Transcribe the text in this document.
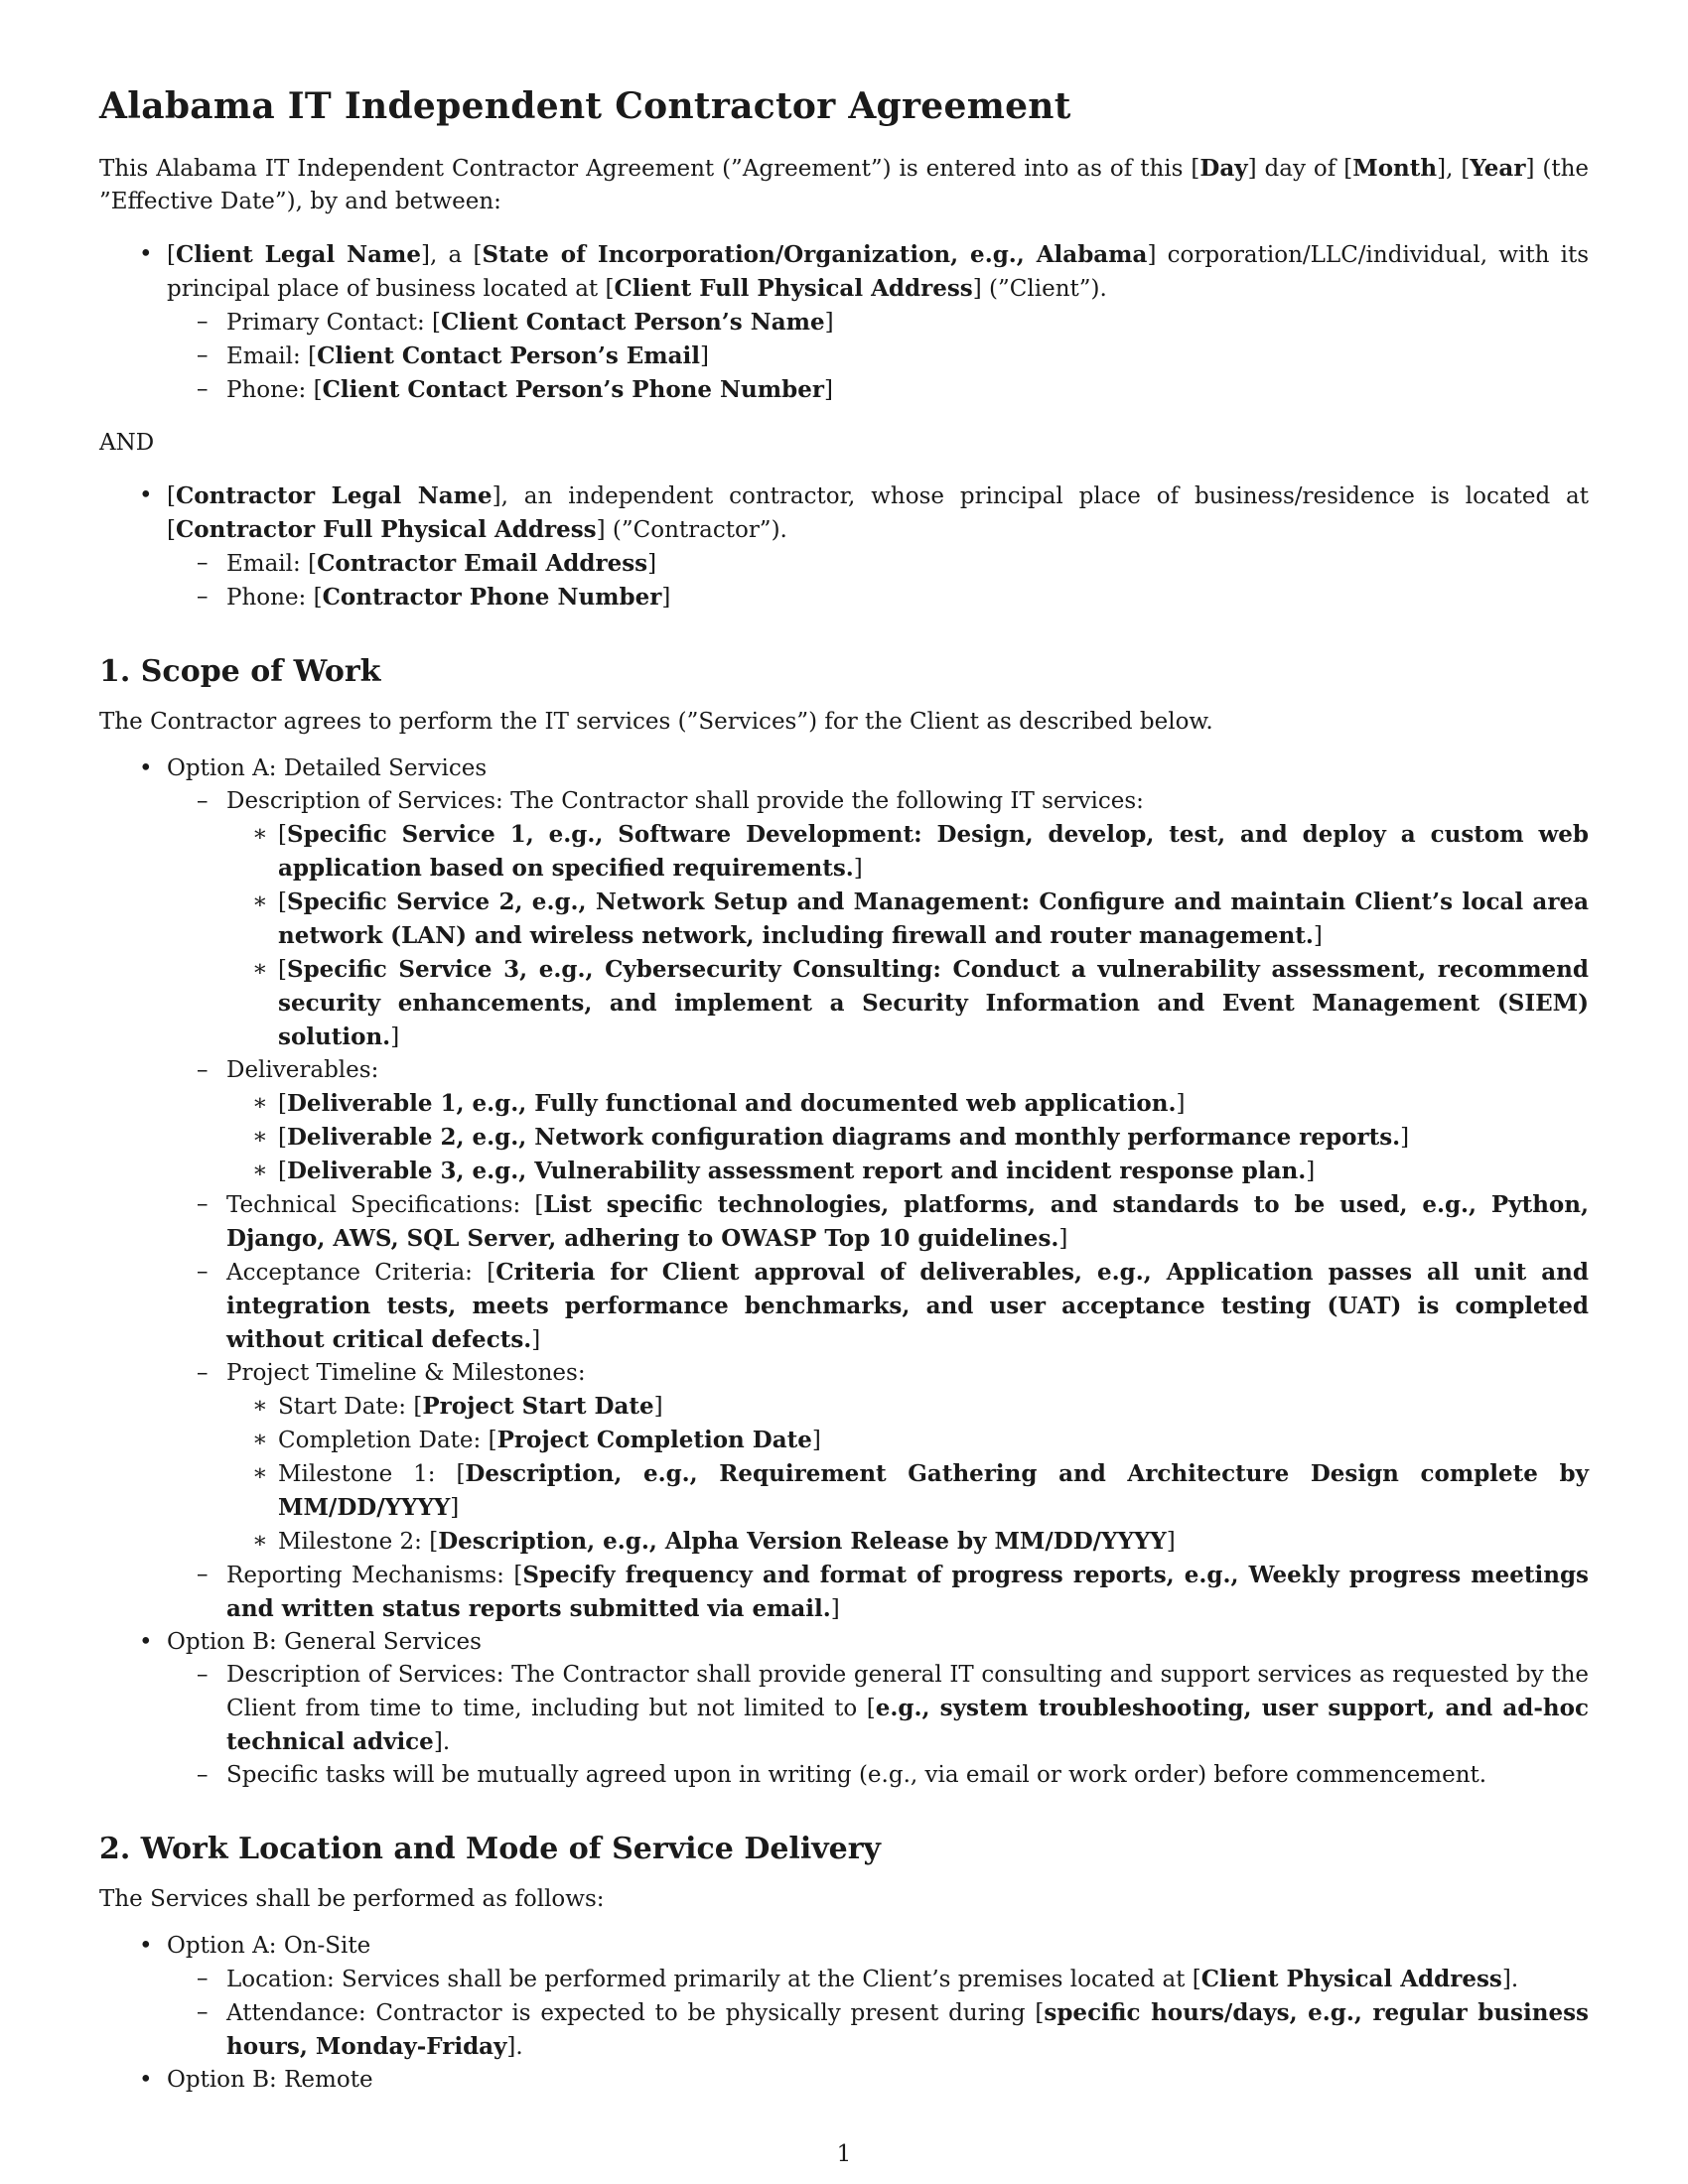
Alabama IT Independent Contractor Agreement

This Alabama IT Independent Contractor Agreement (”Agreement”) is entered into as of this [Day] day of [Month], [Year] (the ”Effective Date”), by and between:

• [Client Legal Name], a [State of Incorporation/Organization, e.g., Alabama] corporation/LLC/individual, with its principal place of business located at [Client Full Physical Address] (”Client”).
– Primary Contact: [Client Contact Person’s Name]
– Email: [Client Contact Person’s Email]
– Phone: [Client Contact Person’s Phone Number]

AND

• [Contractor Legal Name], an independent contractor, whose principal place of business/residence is located at [Contractor Full Physical Address] (”Contractor”).
– Email: [Contractor Email Address]
– Phone: [Contractor Phone Number]
1. Scope of Work

The Contractor agrees to perform the IT services (”Services”) for the Client as described below.

• Option A: Detailed Services
– Description of Services: The Contractor shall provide the following IT services:
∗ [Specific Service 1, e.g., Software Development: Design, develop, test, and deploy a custom web application based on specified requirements.]
∗ [Specific Service 2, e.g., Network Setup and Management: Configure and maintain Client’s local area network (LAN) and wireless network, including firewall and router management.]
∗ [Specific Service 3, e.g., Cybersecurity Consulting: Conduct a vulnerability assessment, recommend security enhancements, and implement a Security Information and Event Management (SIEM) solution.]
– Deliverables:
∗ [Deliverable 1, e.g., Fully functional and documented web application.]
∗ [Deliverable 2, e.g., Network configuration diagrams and monthly performance reports.]
∗ [Deliverable 3, e.g., Vulnerability assessment report and incident response plan.]
– Technical Specifications: [List specific technologies, platforms, and standards to be used, e.g., Python, Django, AWS, SQL Server, adhering to OWASP Top 10 guidelines.]
– Acceptance Criteria: [Criteria for Client approval of deliverables, e.g., Application passes all unit and integration tests, meets performance benchmarks, and user acceptance testing (UAT) is completed without critical defects.]
– Project Timeline & Milestones:
∗ Start Date: [Project Start Date]
∗ Completion Date: [Project Completion Date]
∗ Milestone 1: [Description, e.g., Requirement Gathering and Architecture Design complete by MM/DD/YYYY]
∗ Milestone 2: [Description, e.g., Alpha Version Release by MM/DD/YYYY]
– Reporting Mechanisms: [Specify frequency and format of progress reports, e.g., Weekly progress meetings and written status reports submitted via email.]
• Option B: General Services
– Description of Services: The Contractor shall provide general IT consulting and support services as requested by the Client from time to time, including but not limited to [e.g., system troubleshooting, user support, and ad-hoc technical advice].
– Specific tasks will be mutually agreed upon in writing (e.g., via email or work order) before commencement.
2. Work Location and Mode of Service Delivery

The Services shall be performed as follows:

• Option A: On-Site
– Location: Services shall be performed primarily at the Client’s premises located at [Client Physical Address].
– Attendance: Contractor is expected to be physically present during [specific hours/days, e.g., regular business hours, Monday-Friday].
• Option B: Remote
1
